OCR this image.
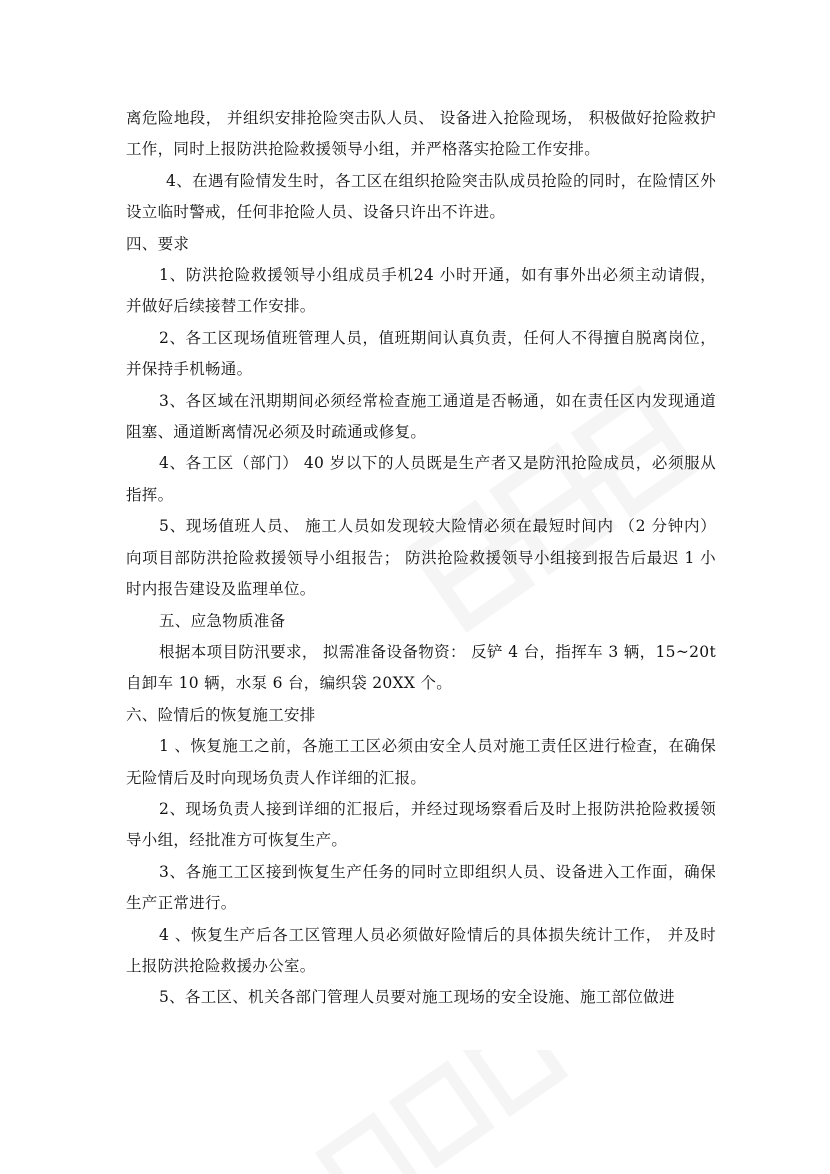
离危险地段， 并组织安排抢险突击队人员、 设备进入抢险现场， 积极做好抢险救护工作，同时上报防洪抢险救援领导小组，并严格落实抢险工作安排。

4、在遇有险情发生时，各工区在组织抢险突击队成员抢险的同时，在险情区外设立临时警戒，任何非抢险人员、设备只许出不许进。

四、要求

1、防洪抢险救援领导小组成员手机24 小时开通，如有事外出必须主动请假，并做好后续接替工作安排。

2、各工区现场值班管理人员，值班期间认真负责，任何人不得擅自脱离岗位，并保持手机畅通。

3、各区域在汛期期间必须经常检查施工通道是否畅通，如在责任区内发现通道阻塞、通道断离情况必须及时疏通或修复。

4、各工区（部门） 40 岁以下的人员既是生产者又是防汛抢险成员，必须服从指挥。

5、现场值班人员、 施工人员如发现较大险情必须在最短时间内 （2 分钟内）向项目部防洪抢险救援领导小组报告； 防洪抢险救援领导小组接到报告后最迟 1 小时内报告建设及监理单位。

五、应急物质准备

根据本项目防汛要求， 拟需准备设备物资： 反铲 4 台，指挥车 3 辆，15~20t 自卸车 10 辆，水泵 6 台，编织袋 20XX 个。

六、险情后的恢复施工安排

1 、恢复施工之前，各施工工区必须由安全人员对施工责任区进行检查，在确保无险情后及时向现场负责人作详细的汇报。

2、现场负责人接到详细的汇报后，并经过现场察看后及时上报防洪抢险救援领导小组，经批准方可恢复生产。

3、各施工工区接到恢复生产任务的同时立即组织人员、设备进入工作面，确保生产正常进行。

4 、恢复生产后各工区管理人员必须做好险情后的具体损失统计工作， 并及时上报防洪抢险救援办公室。

5、各工区、机关各部门管理人员要对施工现场的安全设施、施工部位做进
